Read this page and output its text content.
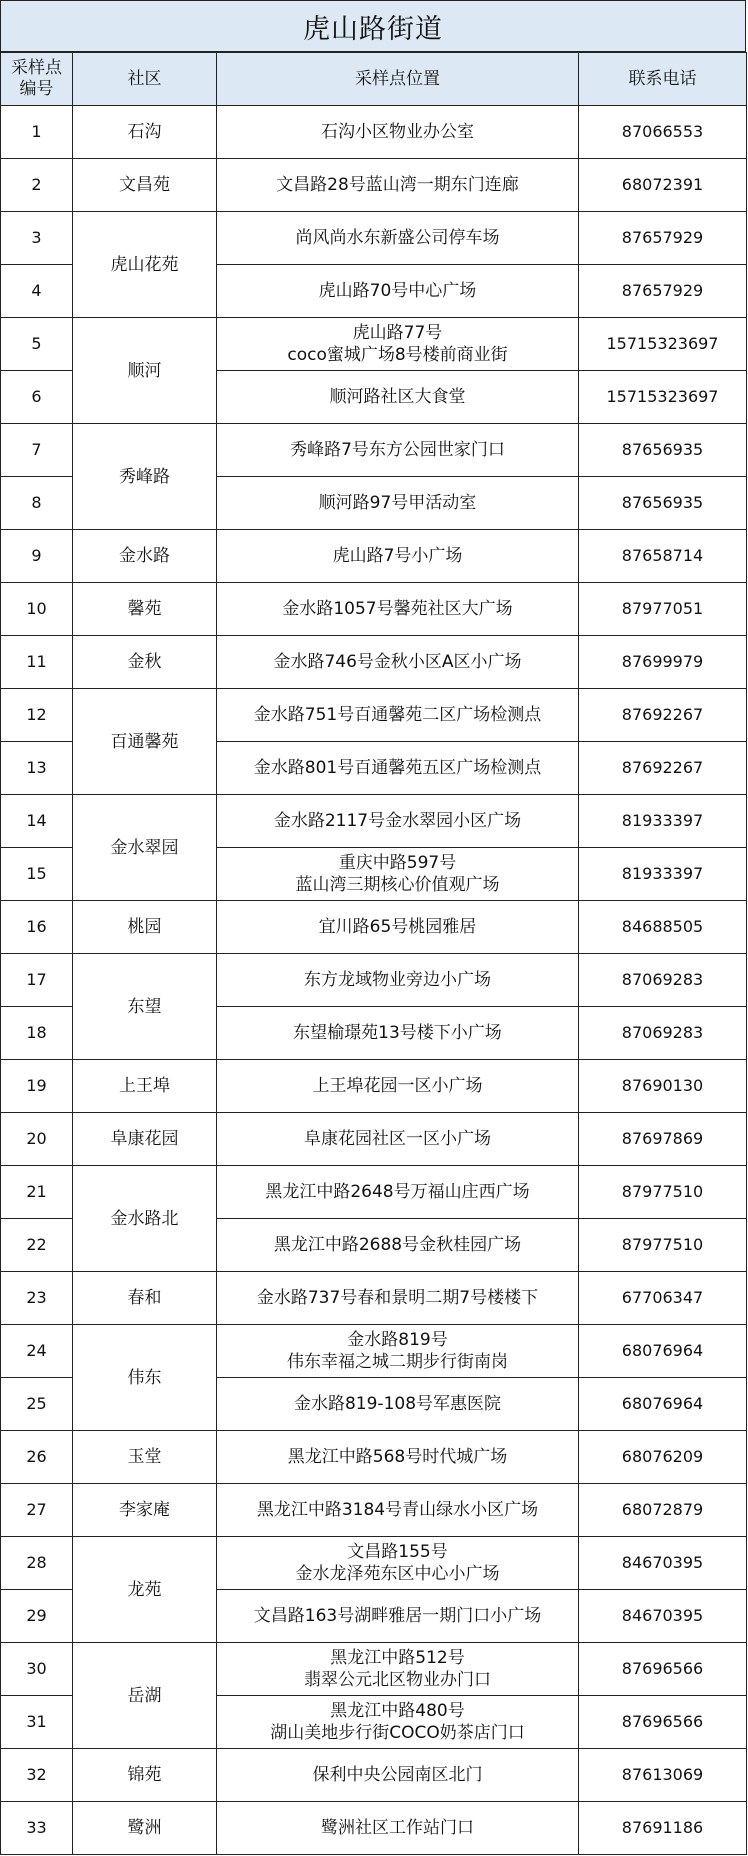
虎山路街道
采样点
编号	社区	采样点位置	联系电话
1	石沟	石沟小区物业办公室	87066553
2	文昌苑	文昌路28号蓝山湾一期东门连廊	68072391
3	虎山花苑	尚风尚水东新盛公司停车场	87657929
4		虎山路70号中心广场	87657929
5	顺河	虎山路77号
coco蜜城广场8号楼前商业街	15715323697
6		顺河路社区大食堂	15715323697
7	秀峰路	秀峰路7号东方公园世家门口	87656935
8		顺河路97号甲活动室	87656935
9	金水路	虎山路7号小广场	87658714
10	馨苑	金水路1057号馨苑社区大广场	87977051
11	金秋	金水路746号金秋小区A区小广场	87699979
12	百通馨苑	金水路751号百通馨苑二区广场检测点	87692267
13		金水路801号百通馨苑五区广场检测点	87692267
14	金水翠园	金水路2117号金水翠园小区广场	81933397
15		重庆中路597号
蓝山湾三期核心价值观广场	81933397
16	桃园	宜川路65号桃园雅居	84688505
17	东望	东方龙域物业旁边小广场	87069283
18		东望榆璟苑13号楼下小广场	87069283
19	上王埠	上王埠花园一区小广场	87690130
20	阜康花园	阜康花园社区一区小广场	87697869
21	金水路北	黑龙江中路2648号万福山庄西广场	87977510
22		黑龙江中路2688号金秋桂园广场	87977510
23	春和	金水路737号春和景明二期7号楼楼下	67706347
24	伟东	金水路819号
伟东幸福之城二期步行街南岗	68076964
25		金水路819-108号军惠医院	68076964
26	玉堂	黑龙江中路568号时代城广场	68076209
27	李家庵	黑龙江中路3184号青山绿水小区广场	68072879
28	龙苑	文昌路155号
金水龙泽苑东区中心小广场	84670395
29		文昌路163号湖畔雅居一期门口小广场	84670395
30	岳湖	黑龙江中路512号
翡翠公元北区物业办门口	87696566
31		黑龙江中路480号
湖山美地步行街COCO奶茶店门口	87696566
32	锦苑	保利中央公园南区北门	87613069
33	鹭洲	鹭洲社区工作站门口	87691186
